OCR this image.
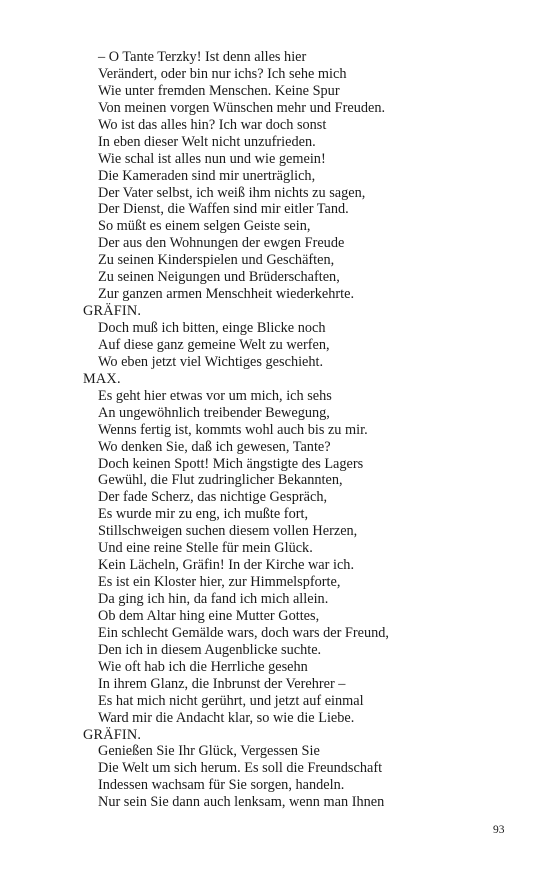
– O Tante Terzky! Ist denn alles hier
Verändert, oder bin nur ichs? Ich sehe mich
Wie unter fremden Menschen. Keine Spur
Von meinen vorgen Wünschen mehr und Freuden.
Wo ist das alles hin? Ich war doch sonst
In eben dieser Welt nicht unzufrieden.
Wie schal ist alles nun und wie gemein!
Die Kameraden sind mir unerträglich,
Der Vater selbst, ich weiß ihm nichts zu sagen,
Der Dienst, die Waffen sind mir eitler Tand.
So müßt es einem selgen Geiste sein,
Der aus den Wohnungen der ewgen Freude
Zu seinen Kinderspielen und Geschäften,
Zu seinen Neigungen und Brüderschaften,
Zur ganzen armen Menschheit wiederkehrte.
GRÄFIN.
Doch muß ich bitten, einge Blicke noch
Auf diese ganz gemeine Welt zu werfen,
Wo eben jetzt viel Wichtiges geschieht.
MAX.
Es geht hier etwas vor um mich, ich sehs
An ungewöhnlich treibender Bewegung,
Wenns fertig ist, kommts wohl auch bis zu mir.
Wo denken Sie, daß ich gewesen, Tante?
Doch keinen Spott! Mich ängstigte des Lagers
Gewühl, die Flut zudringlicher Bekannten,
Der fade Scherz, das nichtige Gespräch,
Es wurde mir zu eng, ich mußte fort,
Stillschweigen suchen diesem vollen Herzen,
Und eine reine Stelle für mein Glück.
Kein Lächeln, Gräfin! In der Kirche war ich.
Es ist ein Kloster hier, zur Himmelspforte,
Da ging ich hin, da fand ich mich allein.
Ob dem Altar hing eine Mutter Gottes,
Ein schlecht Gemälde wars, doch wars der Freund,
Den ich in diesem Augenblicke suchte.
Wie oft hab ich die Herrliche gesehn
In ihrem Glanz, die Inbrunst der Verehrer –
Es hat mich nicht gerührt, und jetzt auf einmal
Ward mir die Andacht klar, so wie die Liebe.
GRÄFIN.
Genießen Sie Ihr Glück, Vergessen Sie
Die Welt um sich herum. Es soll die Freundschaft
Indessen wachsam für Sie sorgen, handeln.
Nur sein Sie dann auch lenksam, wenn man Ihnen
93
